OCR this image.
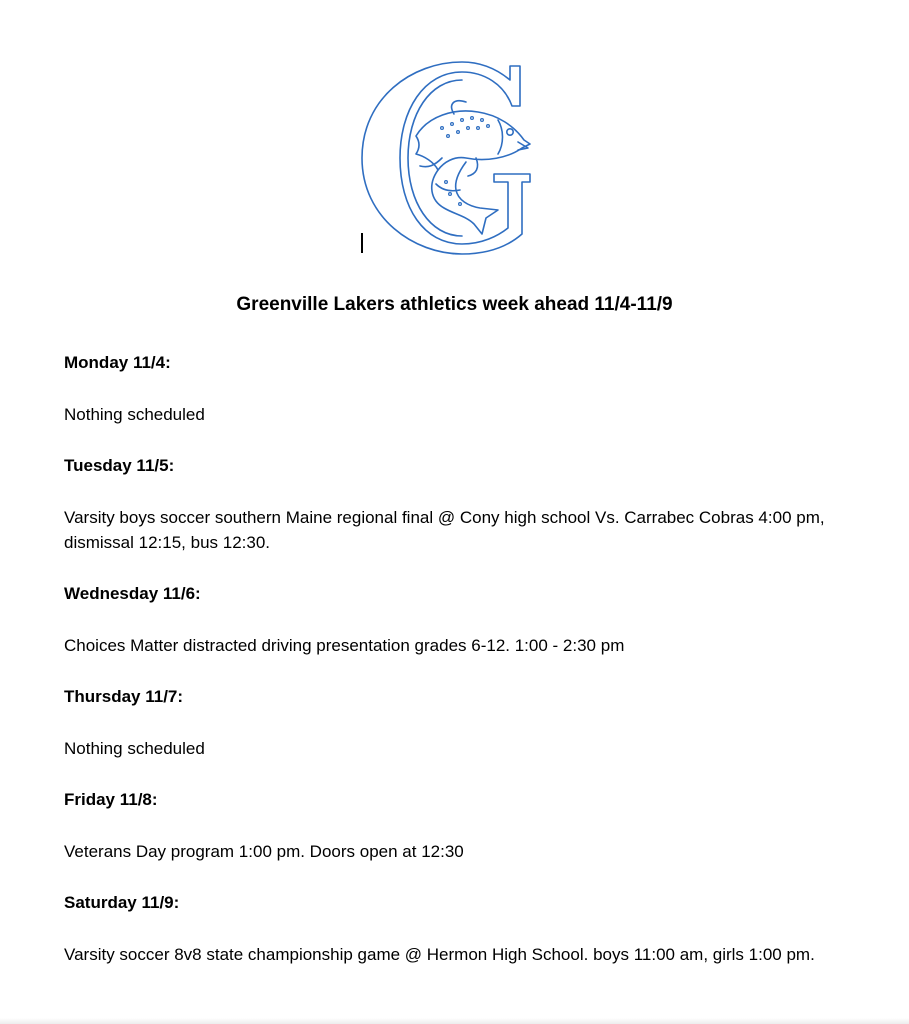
Greenville Lakers athletics week ahead 11/4-11/9

Monday 11/4:

Nothing scheduled

Tuesday 11/5:

Varsity boys soccer southern Maine regional final @ Cony high school Vs. Carrabec Cobras 4:00 pm, dismissal 12:15, bus 12:30.

Wednesday 11/6:

Choices Matter distracted driving presentation grades 6-12. 1:00 - 2:30 pm

Thursday 11/7:

Nothing scheduled

Friday 11/8:

Veterans Day program 1:00 pm. Doors open at 12:30

Saturday 11/9:

Varsity soccer 8v8 state championship game @ Hermon High School. boys 11:00 am, girls 1:00 pm.
